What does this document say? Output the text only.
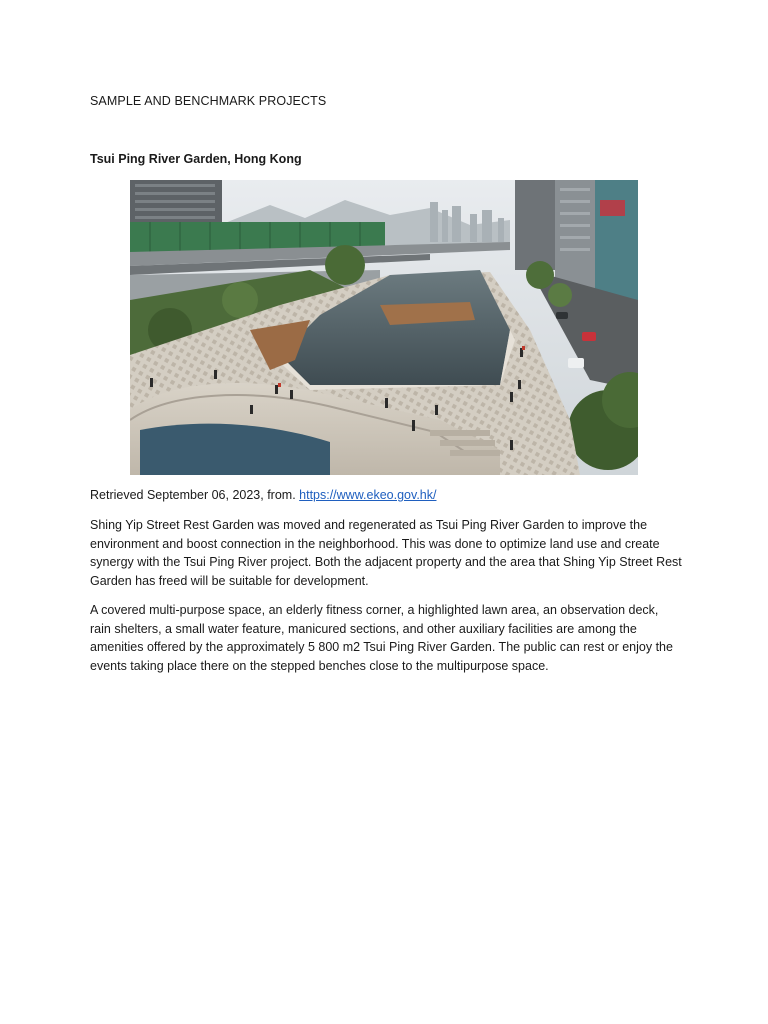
SAMPLE AND BENCHMARK PROJECTS
Tsui Ping River Garden, Hong Kong
Retrieved September 06, 2023, from. https://www.ekeo.gov.hk/
Shing Yip Street Rest Garden was moved and regenerated as Tsui Ping River Garden to improve the environment and boost connection in the neighborhood. This was done to optimize land use and create synergy with the Tsui Ping River project. Both the adjacent property and the area that Shing Yip Street Rest Garden has freed will be suitable for development.
A covered multi-purpose space, an elderly fitness corner, a highlighted lawn area, an observation deck, rain shelters, a small water feature, manicured sections, and other auxiliary facilities are among the amenities offered by the approximately 5 800 m2 Tsui Ping River Garden. The public can rest or enjoy the events taking place there on the stepped benches close to the multipurpose space.
